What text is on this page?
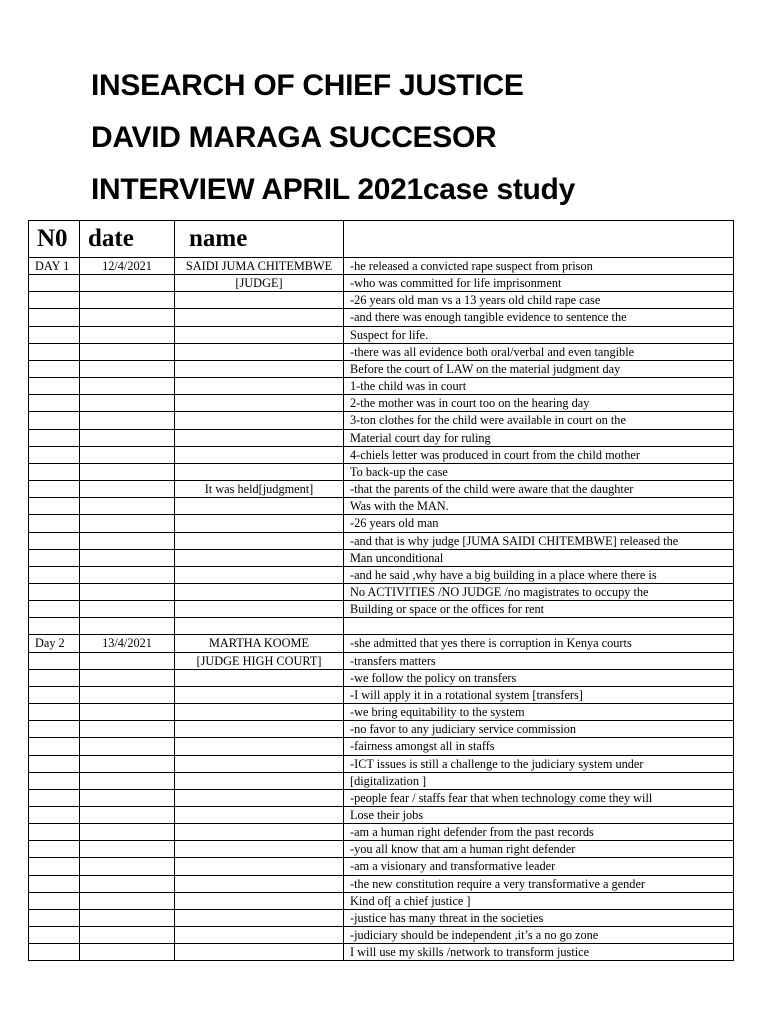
INSEARCH OF CHIEF JUSTICE
DAVID MARAGA SUCCESOR
INTERVIEW APRIL 2021case study
N0	date	name	
DAY 1	12/4/2021	SAIDI JUMA CHITEMBWE	-he released a convicted rape suspect from prison
		[JUDGE]	-who was committed for life imprisonment
			-26 years old man vs a 13 years old child rape case
			-and there was enough tangible evidence to sentence the
			Suspect for life.
			-there was all evidence both oral/verbal and even tangible
			Before the court of LAW on the material judgment day
			1-the child was in court
			2-the mother was in court too on the hearing day
			3-ton clothes for the child were available in court on the
			Material court day for ruling
			4-chiels letter was produced in court from the child mother
			To back-up the case
		It was held[judgment]	-that the parents of the child were aware that the daughter
			Was with the MAN.
			-26 years old man
			-and that is why judge [JUMA SAIDI CHITEMBWE] released the
			Man unconditional
			-and he said ,why have a big building in a place where there is
			No ACTIVITIES /NO JUDGE /no magistrates to occupy the
			Building or space or the offices for rent

Day 2	13/4/2021	MARTHA KOOME	-she admitted that yes there is corruption in Kenya courts
		[JUDGE HIGH COURT]	-transfers matters
			-we follow the policy on transfers
			-I will apply it in a rotational system [transfers]
			-we bring equitability to the system
			-no favor to any judiciary service commission
			-fairness amongst all in staffs
			-ICT issues is still a challenge to the judiciary system under
			[digitalization ]
			-people fear / staffs fear that when technology come they will
			Lose their jobs
			-am a human right defender from the past records
			-you all know that am a human right defender
			-am a visionary and transformative leader
			-the new constitution require a very transformative a gender
			Kind of[ a chief justice ]
			-justice has many threat in the societies
			-judiciary should be independent ,it’s a no go zone
			I will use my skills /network to transform justice
